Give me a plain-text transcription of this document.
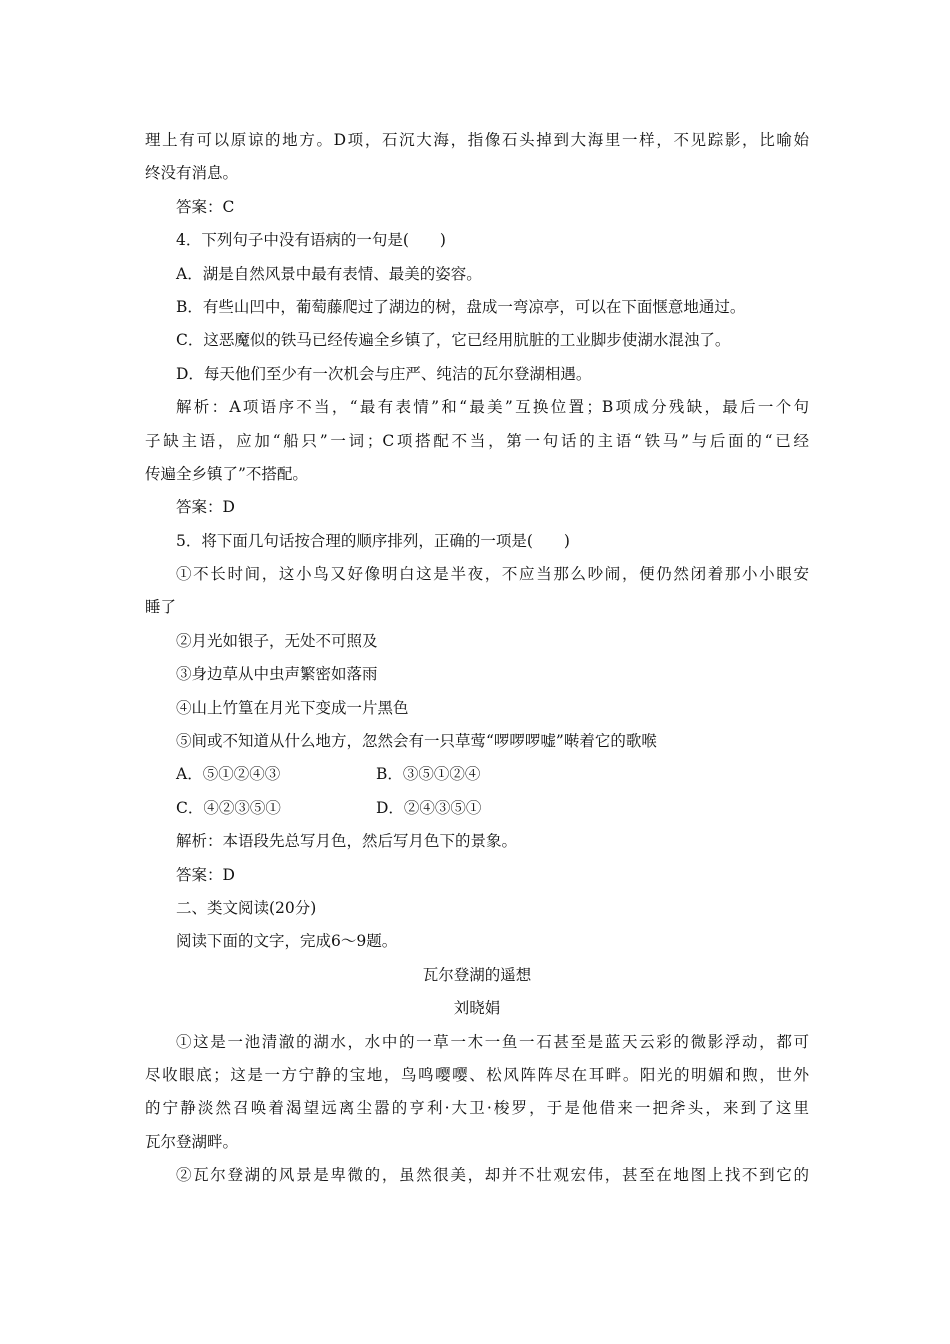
理上有可以原谅的地方。D项，石沉大海，指像石头掉到大海里一样，不见踪影，比喻始
终没有消息。
答案：C
4．下列句子中没有语病的一句是(　　)
A．湖是自然风景中最有表情、最美的姿容。
B．有些山凹中，葡萄藤爬过了湖边的树，盘成一弯凉亭，可以在下面惬意地通过。
C．这恶魔似的铁马已经传遍全乡镇了，它已经用肮脏的工业脚步使湖水混浊了。
D．每天他们至少有一次机会与庄严、纯洁的瓦尔登湖相遇。
解析：A项语序不当，“最有表情”和“最美”互换位置；B项成分残缺，最后一个句
子缺主语，应加“船只”一词；C项搭配不当，第一句话的主语“铁马”与后面的“已经
传遍全乡镇了”不搭配。
答案：D
5．将下面几句话按合理的顺序排列，正确的一项是(　　)
①不长时间，这小鸟又好像明白这是半夜，不应当那么吵闹，便仍然闭着那小小眼安
睡了
②月光如银子，无处不可照及
③身边草从中虫声繁密如落雨
④山上竹篁在月光下变成一片黑色
⑤间或不知道从什么地方，忽然会有一只草莺“啰啰啰嘘”啭着它的歌喉
A．⑤①②④③	B．③⑤①②④
C．④②③⑤①	D．②④③⑤①
解析：本语段先总写月色，然后写月色下的景象。
答案：D
二、类文阅读(20分)
阅读下面的文字，完成6～9题。
瓦尔登湖的遥想
刘晓娟
①这是一池清澈的湖水，水中的一草一木一鱼一石甚至是蓝天云彩的微影浮动，都可
尽收眼底；这是一方宁静的宝地，鸟鸣嘤嘤、松风阵阵尽在耳畔。阳光的明媚和煦，世外
的宁静淡然召唤着渴望远离尘嚣的亨利·大卫·梭罗，于是他借来一把斧头，来到了这里
瓦尔登湖畔。
②瓦尔登湖的风景是卑微的，虽然很美，却并不壮观宏伟，甚至在地图上找不到它的
